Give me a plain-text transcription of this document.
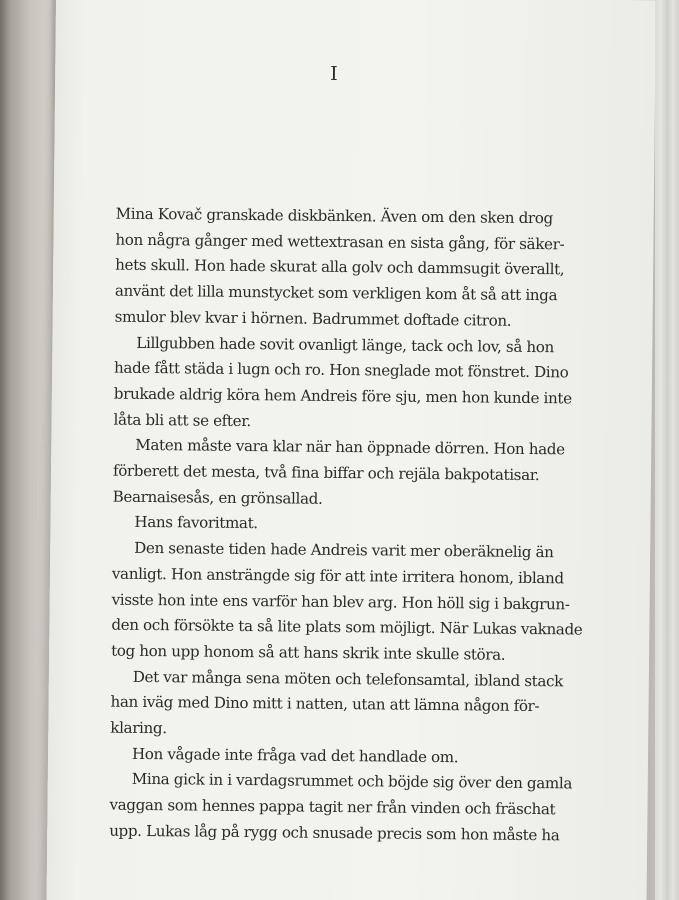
I
Mina Kovač granskade diskbänken. Även om den sken drog
hon några gånger med wettextrasan en sista gång, för säker-
hets skull. Hon hade skurat alla golv och dammsugit överallt,
använt det lilla munstycket som verkligen kom åt så att inga
smulor blev kvar i hörnen. Badrummet doftade citron.
Lillgubben hade sovit ovanligt länge, tack och lov, så hon
hade fått städa i lugn och ro. Hon sneglade mot fönstret. Dino
brukade aldrig köra hem Andreis före sju, men hon kunde inte
låta bli att se efter.
Maten måste vara klar när han öppnade dörren. Hon hade
förberett det mesta, två fina biffar och rejäla bakpotatisar.
Bearnaisesås, en grönsallad.
Hans favoritmat.
Den senaste tiden hade Andreis varit mer oberäknelig än
vanligt. Hon ansträngde sig för att inte irritera honom, ibland
visste hon inte ens varför han blev arg. Hon höll sig i bakgrun-
den och försökte ta så lite plats som möjligt. När Lukas vaknade
tog hon upp honom så att hans skrik inte skulle störa.
Det var många sena möten och telefonsamtal, ibland stack
han iväg med Dino mitt i natten, utan att lämna någon för-
klaring.
Hon vågade inte fråga vad det handlade om.
Mina gick in i vardagsrummet och böjde sig över den gamla
vaggan som hennes pappa tagit ner från vinden och fräschat
upp. Lukas låg på rygg och snusade precis som hon måste ha
